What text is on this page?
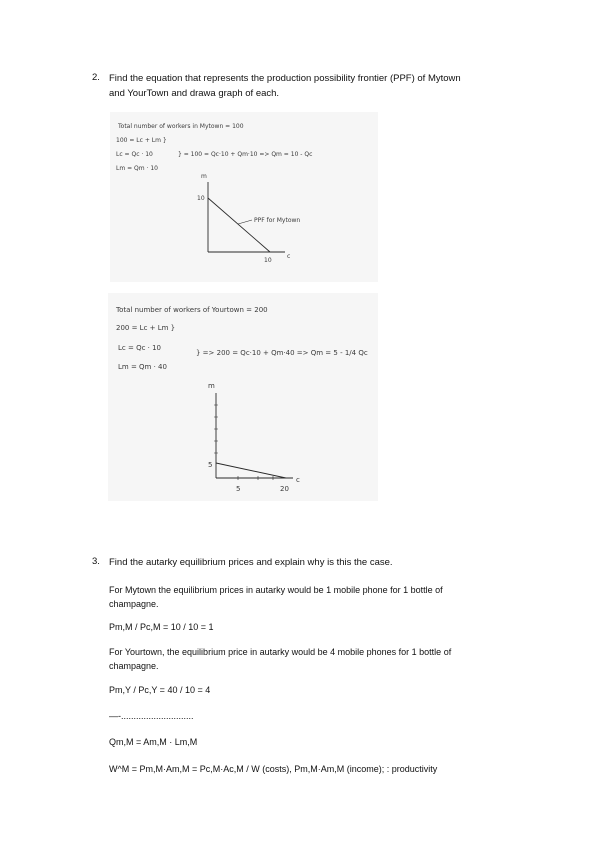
2. Find the equation that represents the production possibility frontier (PPF) of Mytown
and YourTown and drawa graph of each.
Total number of workers in Mytown = 100
100 = Lc + Lm }
Lc = Qc · 10	} = 100 = Qc·10 + Qm·10 => Qm = 10 - Qc
Lm = Qm · 10
m
10
10
c
PPF for Mytown
Total number of workers of Yourtown = 200
200 = Lc + Lm }
Lc = Qc · 10
} => 200 = Qc·10 + Qm·40 => Qm = 5 - 1/4 Qc
Lm = Qm · 40
m
5
5	20
c
3. Find the autarky equilibrium prices and explain why is this the case.
For Mytown the equilibrium prices in autarky would be 1 mobile phone for 1 bottle of
champagne.
Pm,M / Pc,M = 10 / 10 = 1
For Yourtown, the equilibrium price in autarky would be 4 mobile phones for 1 bottle of
champagne.
Pm,Y / Pc,Y = 40 / 10 = 4
—-.............................
Qm,M = Am,M · Lm,M
W^M = Pm,M·Am,M = Pc,M·Ac,M / W (costs), Pm,M·Am,M (income); : productivity
